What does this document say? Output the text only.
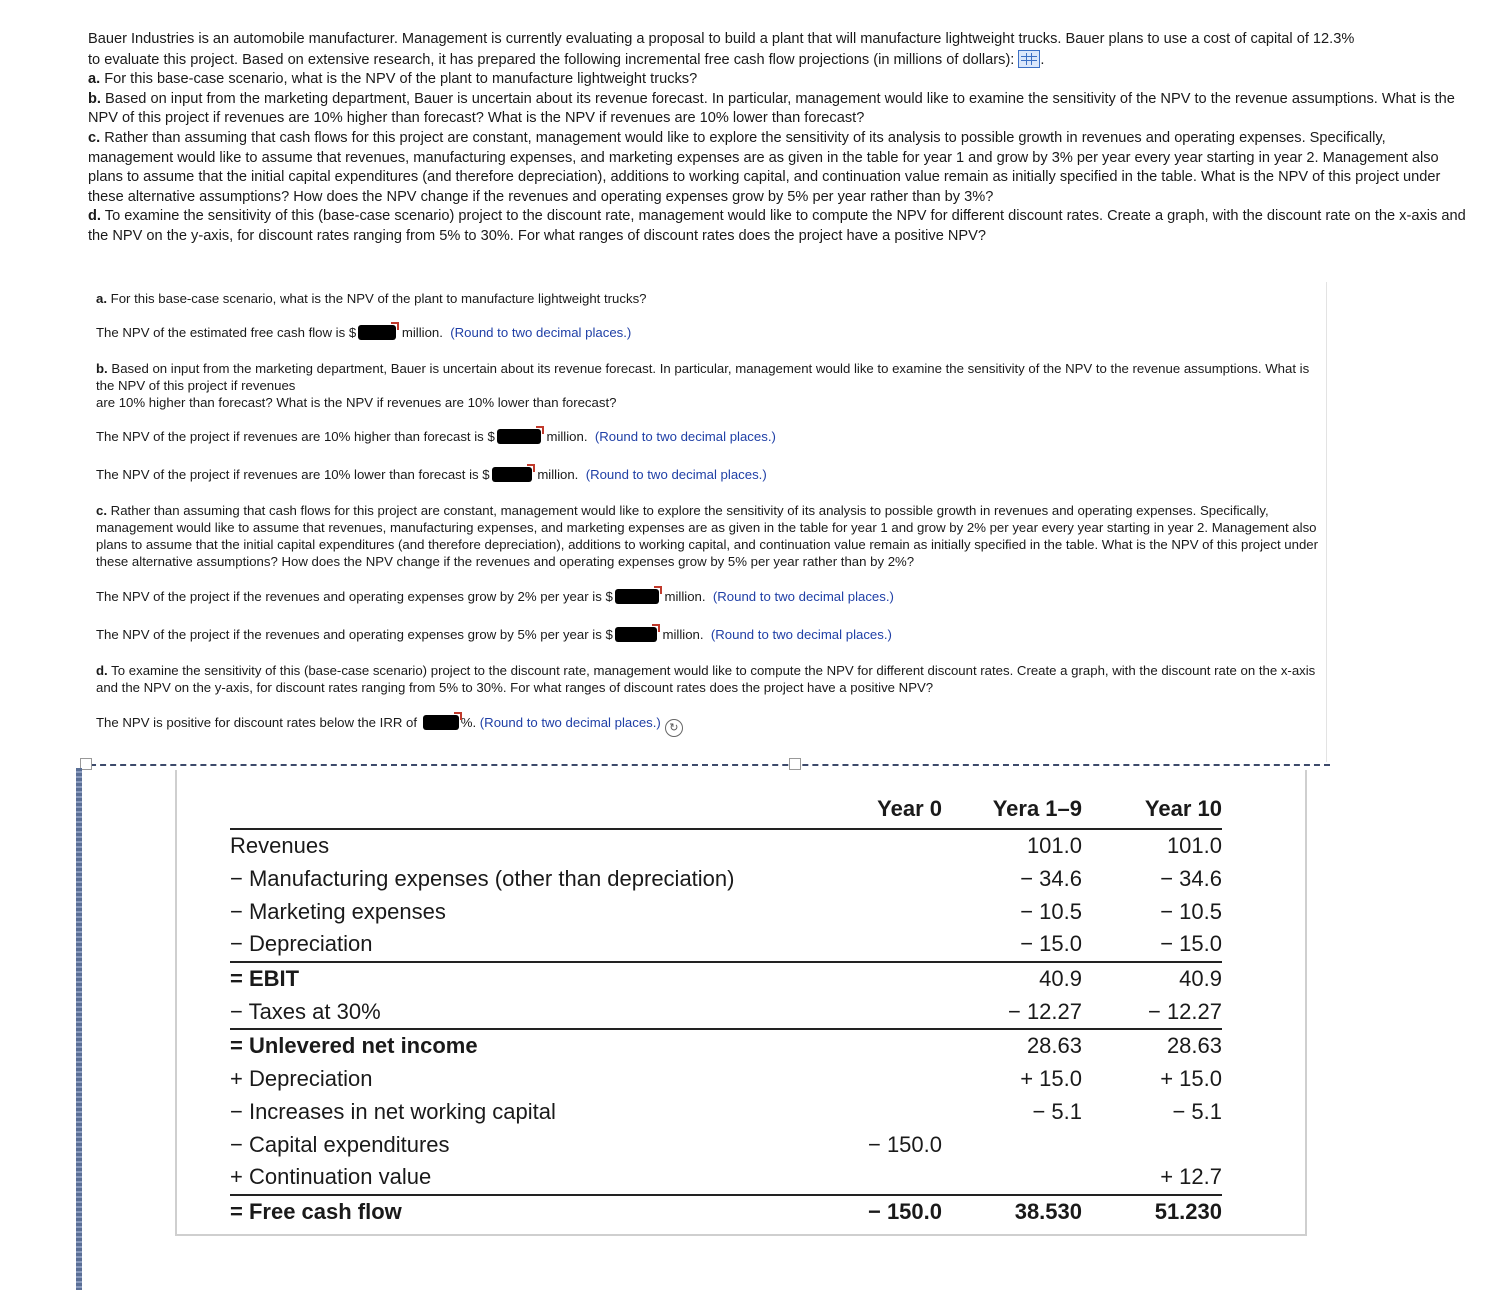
Bauer Industries is an automobile manufacturer. Management is currently evaluating a proposal to build a plant that will manufacture lightweight trucks. Bauer plans to use a cost of capital of 12.3%
to evaluate this project. Based on extensive research, it has prepared the following incremental free cash flow projections (in millions of dollars): .

a. For this base-case scenario, what is the NPV of the plant to manufacture lightweight trucks?

b. Based on input from the marketing department, Bauer is uncertain about its revenue forecast. In particular, management would like to examine the sensitivity of the NPV to the revenue assumptions. What is the NPV of this project if revenues are 10% higher than forecast? What is the NPV if revenues are 10% lower than forecast?

c. Rather than assuming that cash flows for this project are constant, management would like to explore the sensitivity of its analysis to possible growth in revenues and operating expenses. Specifically, management would like to assume that revenues, manufacturing expenses, and marketing expenses are as given in the table for year 1 and grow by 3% per year every year starting in year 2. Management also plans to assume that the initial capital expenditures (and therefore depreciation), additions to working capital, and continuation value remain as initially specified in the table. What is the NPV of this project under these alternative assumptions? How does the NPV change if the revenues and operating expenses grow by 5% per year rather than by 3%?

d. To examine the sensitivity of this (base-case scenario) project to the discount rate, management would like to compute the NPV for different discount rates. Create a graph, with the discount rate on the x-axis and the NPV on the y-axis, for discount rates ranging from 5% to 30%. For what ranges of discount rates does the project have a positive NPV?

a. For this base-case scenario, what is the NPV of the plant to manufacture lightweight trucks?

The NPV of the estimated free cash flow is $	million. (Round to two decimal places.)

b. Based on input from the marketing department, Bauer is uncertain about its revenue forecast. In particular, management would like to examine the sensitivity of the NPV to the revenue assumptions. What is the NPV of this project if revenues
are 10% higher than forecast? What is the NPV if revenues are 10% lower than forecast?

The NPV of the project if revenues are 10% higher than forecast is $	million. (Round to two decimal places.)

The NPV of the project if revenues are 10% lower than forecast is $	million. (Round to two decimal places.)

c. Rather than assuming that cash flows for this project are constant, management would like to explore the sensitivity of its analysis to possible growth in revenues and operating expenses. Specifically, management would like to assume that revenues, manufacturing expenses, and marketing expenses are as given in the table for year 1 and grow by 2% per year every year starting in year 2. Management also plans to assume that the initial capital expenditures (and therefore depreciation), additions to working capital, and continuation value remain as initially specified in the table. What is the NPV of this project under these alternative assumptions? How does the NPV change if the revenues and operating expenses grow by 5% per year rather than by 2%?

The NPV of the project if the revenues and operating expenses grow by 2% per year is $	million. (Round to two decimal places.)

The NPV of the project if the revenues and operating expenses grow by 5% per year is $	million. (Round to two decimal places.)

d. To examine the sensitivity of this (base-case scenario) project to the discount rate, management would like to compute the NPV for different discount rates. Create a graph, with the discount rate on the x-axis and the NPV on the y-axis, for discount rates ranging from 5% to 30%. For what ranges of discount rates does the project have a positive NPV?

The NPV is positive for discount rates below the IRR of	%. (Round to two decimal places.) ↻

	Year 0	Yera 1–9	Year 10
Revenues		101.0	101.0
− Manufacturing expenses (other than depreciation)		− 34.6	− 34.6
− Marketing expenses		− 10.5	− 10.5
− Depreciation		− 15.0	− 15.0
= EBIT		40.9	40.9
− Taxes at 30%		− 12.27	− 12.27
= Unlevered net income		28.63	28.63
+ Depreciation		+ 15.0	+ 15.0
− Increases in net working capital		− 5.1	− 5.1
− Capital expenditures	− 150.0		
+ Continuation value			+ 12.7
= Free cash flow	− 150.0	38.530	51.230
